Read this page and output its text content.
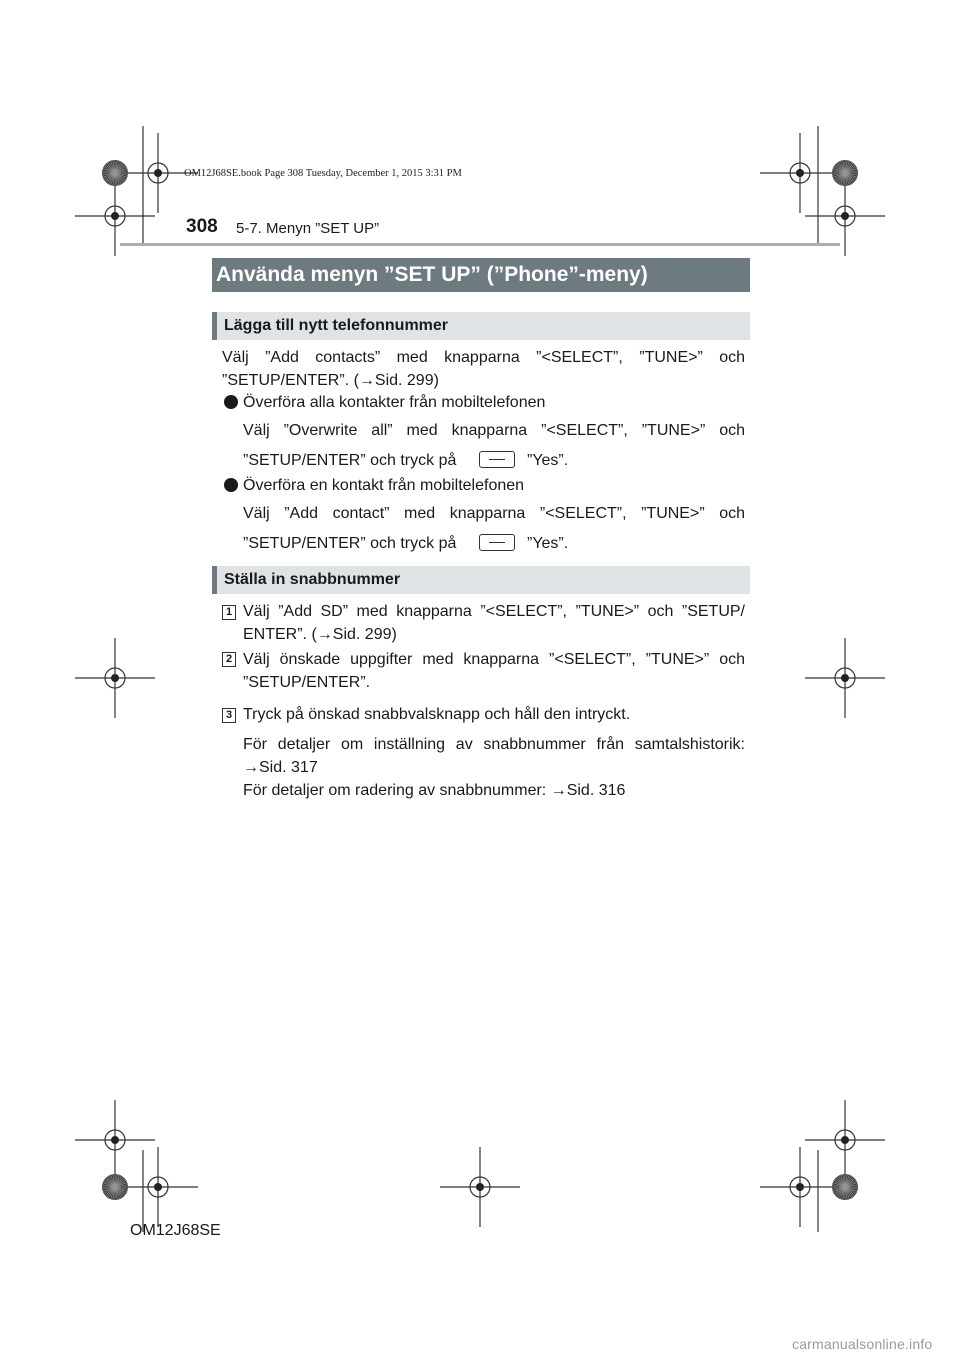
OM12J68SE.book Page 308 Tuesday, December 1, 2015 3:31 PM
308 5-7. Menyn ”SET UP”
Använda menyn ”SET UP” (”Phone”-meny)
Lägga till nytt telefonnummer
Välj ”Add contacts” med knapparna ”<SELECT”, ”TUNE>” och
”SETUP/ENTER”. (→Sid. 299)
Överföra alla kontakter från mobiltelefonen
Välj ”Overwrite all” med knapparna ”<SELECT”, ”TUNE>” och
”SETUP/ENTER” och tryck på	”Yes”.
Överföra en kontakt från mobiltelefonen
Välj ”Add contact” med knapparna ”<SELECT”, ”TUNE>” och
”SETUP/ENTER” och tryck på	”Yes”.
Ställa in snabbnummer
1 Välj ”Add SD” med knapparna ”<SELECT”, ”TUNE>” och ”SETUP/
ENTER”. (→Sid. 299)
2 Välj önskade uppgifter med knapparna ”<SELECT”, ”TUNE>” och
”SETUP/ENTER”.
3 Tryck på önskad snabbvalsknapp och håll den intryckt.
För detaljer om inställning av snabbnummer från samtalshistorik:
→Sid. 317
För detaljer om radering av snabbnummer: →Sid. 316
OM12J68SE
carmanualsonline.info
